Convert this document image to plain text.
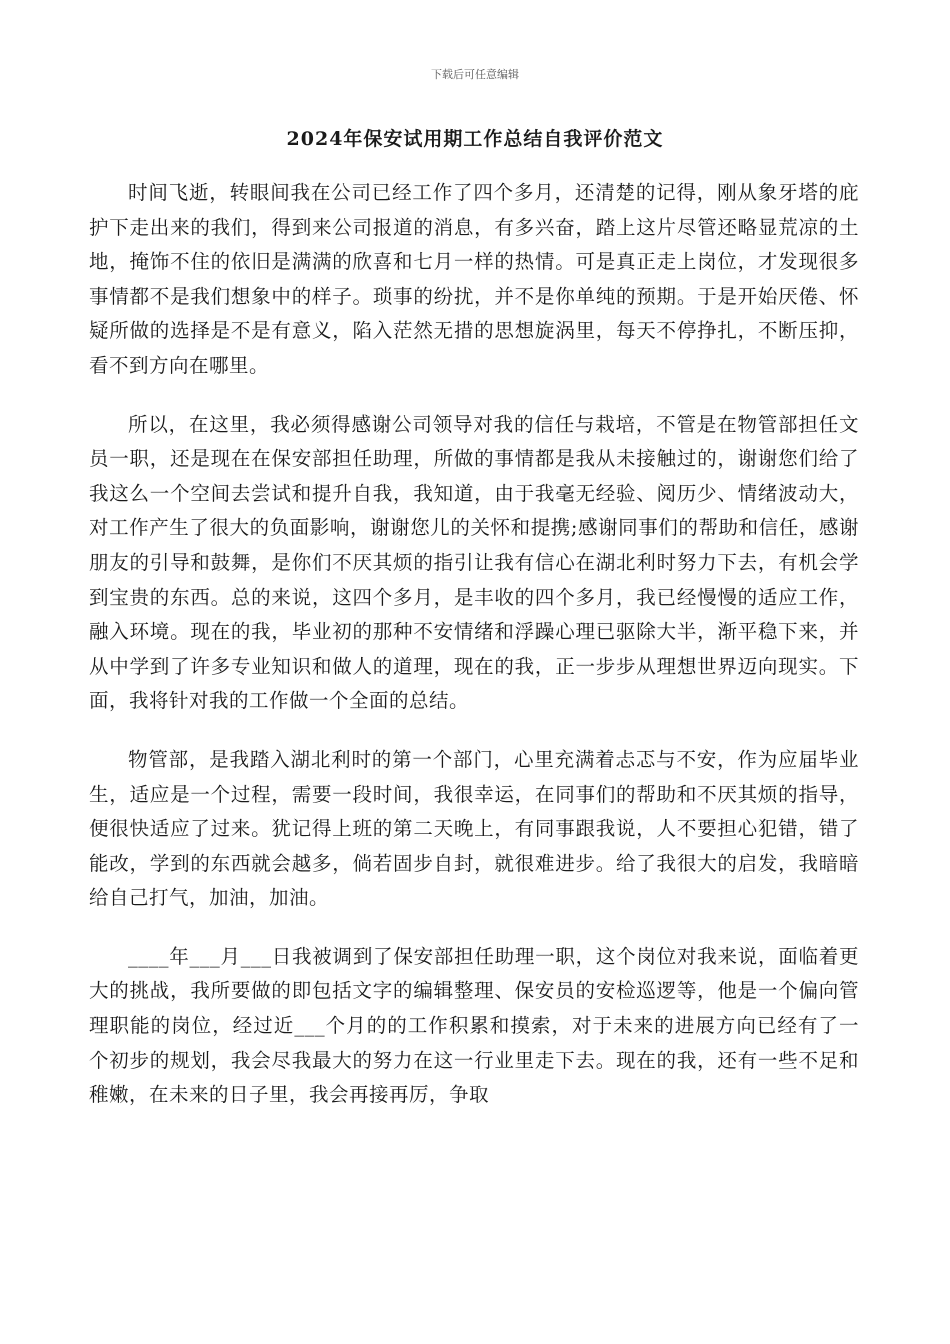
下载后可任意编辑
2024年保安试用期工作总结自我评价范文

时间飞逝，转眼间我在公司已经工作了四个多月，还清楚的记得，刚从象牙塔的庇护下走出来的我们，得到来公司报道的消息，有多兴奋，踏上这片尽管还略显荒凉的土地，掩饰不住的依旧是满满的欣喜和七月一样的热情。可是真正走上岗位，才发现很多事情都不是我们想象中的样子。琐事的纷扰，并不是你单纯的预期。于是开始厌倦、怀疑所做的选择是不是有意义，陷入茫然无措的思想旋涡里，每天不停挣扎，不断压抑，看不到方向在哪里。

所以，在这里，我必须得感谢公司领导对我的信任与栽培，不管是在物管部担任文员一职，还是现在在保安部担任助理，所做的事情都是我从未接触过的，谢谢您们给了我这么一个空间去尝试和提升自我，我知道，由于我毫无经验、阅历少、情绪波动大，对工作产生了很大的负面影响，谢谢您儿的关怀和提携;感谢同事们的帮助和信任，感谢朋友的引导和鼓舞，是你们不厌其烦的指引让我有信心在湖北利时努力下去，有机会学到宝贵的东西。总的来说，这四个多月，是丰收的四个多月，我已经慢慢的适应工作，融入环境。现在的我，毕业初的那种不安情绪和浮躁心理已驱除大半，渐平稳下来，并从中学到了许多专业知识和做人的道理，现在的我，正一步步从理想世界迈向现实。下面，我将针对我的工作做一个全面的总结。

物管部，是我踏入湖北利时的第一个部门，心里充满着忐忑与不安，作为应届毕业生，适应是一个过程，需要一段时间，我很幸运，在同事们的帮助和不厌其烦的指导，便很快适应了过来。犹记得上班的第二天晚上，有同事跟我说，人不要担心犯错，错了能改，学到的东西就会越多，倘若固步自封，就很难进步。给了我很大的启发，我暗暗给自己打气，加油，加油。

____年___月___日我被调到了保安部担任助理一职，这个岗位对我来说，面临着更大的挑战，我所要做的即包括文字的编辑整理、保安员的安检巡逻等，他是一个偏向管理职能的岗位，经过近___个月的的工作积累和摸索，对于未来的进展方向已经有了一个初步的规划，我会尽我最大的努力在这一行业里走下去。现在的我，还有一些不足和稚嫩，在未来的日子里，我会再接再厉，争取
